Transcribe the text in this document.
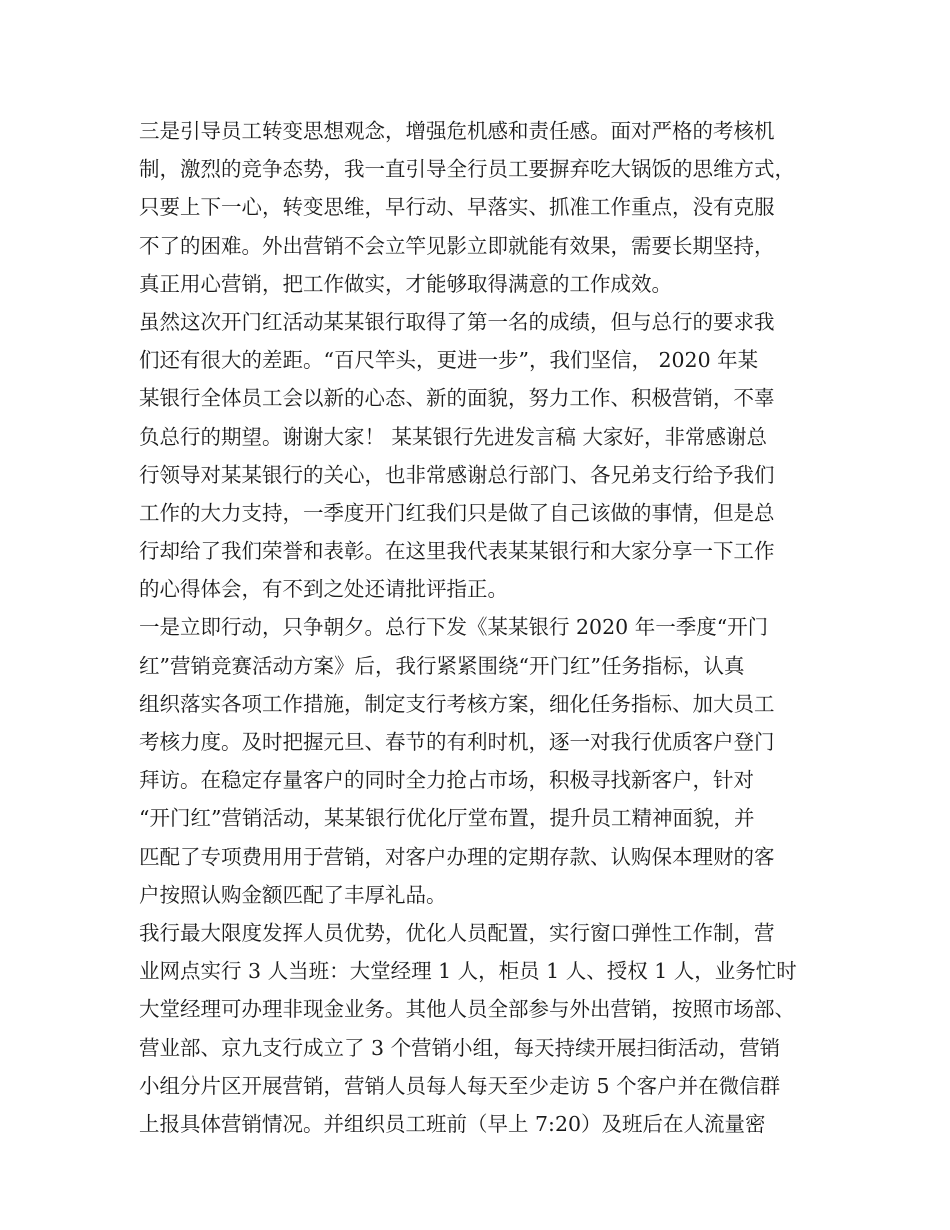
三是引导员工转变思想观念，增强危机感和责任感。面对严格的考核机
制，激烈的竞争态势，我一直引导全行员工要摒弃吃大锅饭的思维方式，
只要上下一心，转变思维，早行动、早落实、抓准工作重点，没有克服
不了的困难。外出营销不会立竿见影立即就能有效果，需要长期坚持，
真正用心营销，把工作做实，才能够取得满意的工作成效。
虽然这次开门红活动某某银行取得了第一名的成绩，但与总行的要求我
们还有很大的差距。“百尺竿头，更进一步”，我们坚信， 2020 年某
某银行全体员工会以新的心态、新的面貌，努力工作、积极营销，不辜
负总行的期望。谢谢大家！ 某某银行先进发言稿 大家好，非常感谢总
行领导对某某银行的关心，也非常感谢总行部门、各兄弟支行给予我们
工作的大力支持，一季度开门红我们只是做了自己该做的事情，但是总
行却给了我们荣誉和表彰。在这里我代表某某银行和大家分享一下工作
的心得体会，有不到之处还请批评指正。
一是立即行动，只争朝夕。总行下发《某某银行 2020 年一季度“开门
红”营销竞赛活动方案》后，我行紧紧围绕“开门红”任务指标，认真
组织落实各项工作措施，制定支行考核方案，细化任务指标、加大员工
考核力度。及时把握元旦、春节的有利时机，逐一对我行优质客户登门
拜访。在稳定存量客户的同时全力抢占市场，积极寻找新客户，针对
“开门红”营销活动，某某银行优化厅堂布置，提升员工精神面貌，并
匹配了专项费用用于营销，对客户办理的定期存款、认购保本理财的客
户按照认购金额匹配了丰厚礼品。
我行最大限度发挥人员优势，优化人员配置，实行窗口弹性工作制，营
业网点实行 3 人当班：大堂经理 1 人，柜员 1 人、授权 1 人，业务忙时
大堂经理可办理非现金业务。其他人员全部参与外出营销，按照市场部、
营业部、京九支行成立了 3 个营销小组，每天持续开展扫街活动，营销
小组分片区开展营销，营销人员每人每天至少走访 5 个客户并在微信群
上报具体营销情况。并组织员工班前（早上 7:20）及班后在人流量密
